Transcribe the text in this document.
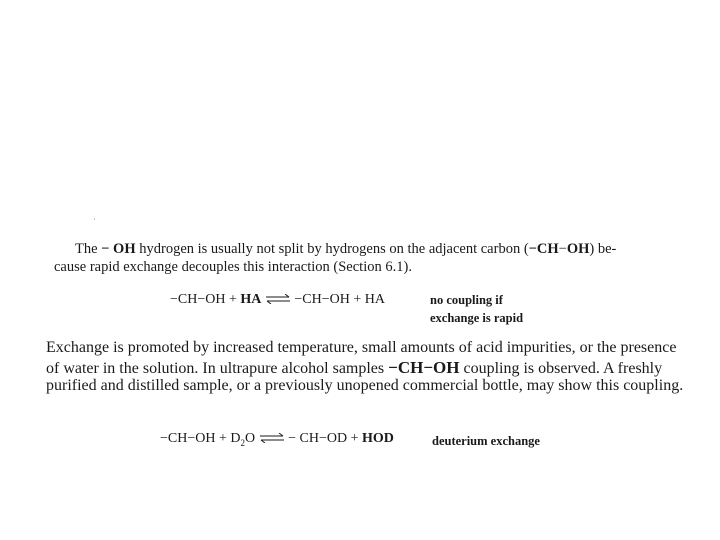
·
The − OH hydrogen is usually not split by hydrogens on the adjacent carbon (−CH−OH) be-
cause rapid exchange decouples this interaction (Section 6.1).
−CH−OH + HA ⇌ −CH−OH + HA	no coupling if
exchange is rapid
Exchange is promoted by increased temperature, small amounts of acid impurities, or the presence
of water in the solution. In ultrapure alcohol samples −CH−OH coupling is observed. A freshly
purified and distilled sample, or a previously unopened commercial bottle, may show this coupling.
$-CH-OH + D_2O$ ⇌ − CH−OD + HOD	deuterium exchange
